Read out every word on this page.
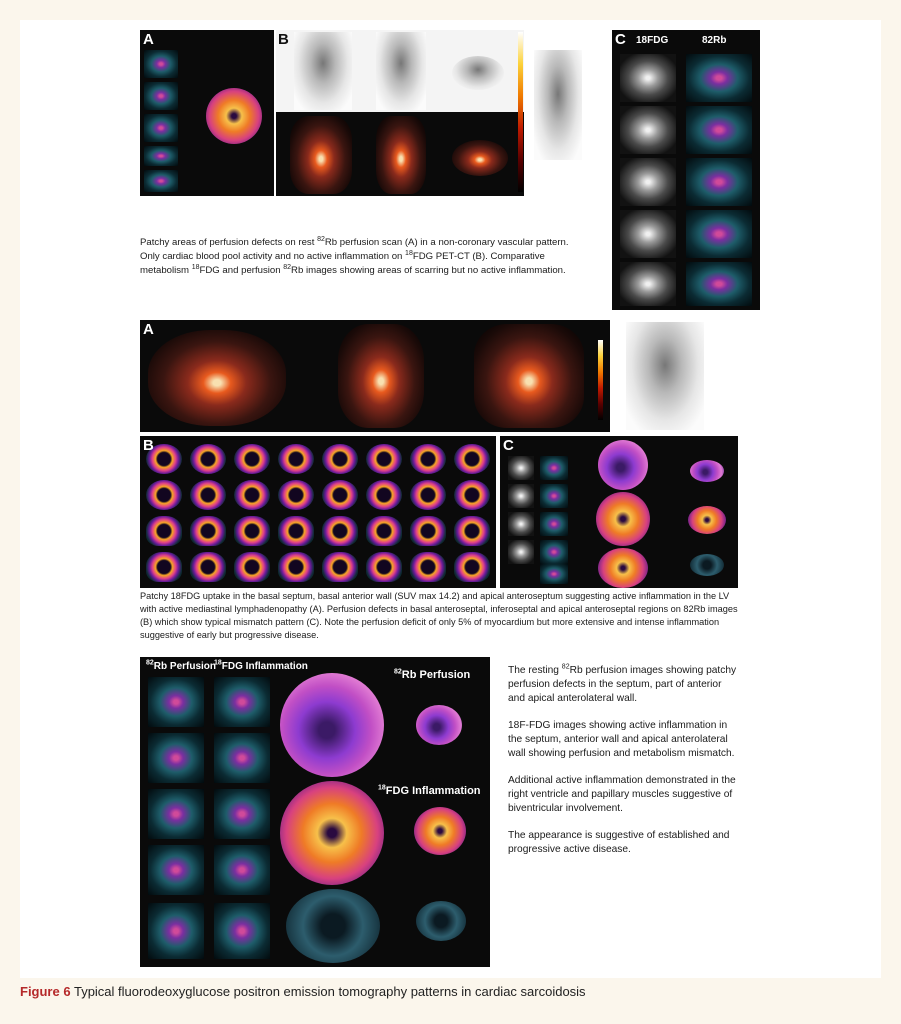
A	B	C 18FDG	82Rb
Patchy areas of perfusion defects on rest $^{82}$Rb perfusion scan (A) in a non-coronary vascular pattern. Only cardiac blood pool activity and no active inflammation on $^{18}$FDG PET-CT (B). Comparative metabolism $^{18}$FDG and perfusion $^{82}$Rb images showing areas of scarring but no active inflammation.
A
B	C
Patchy 18FDG uptake in the basal septum, basal anterior wall (SUV max 14.2) and apical anteroseptum suggesting active inflammation in the LV with active mediastinal lymphadenopathy (A). Perfusion defects in basal anteroseptal, inferoseptal and apical anteroseptal regions on 82Rb images (B) which show typical mismatch pattern (C). Note the perfusion deficit of only 5% of myocardium but more extensive and intense inflammation suggestive of early but progressive disease.
$^{82}$Rb Perfusion
$^{18}$FDG Inflammation	$^{82}$Rb Perfusion
$^{18}$FDG Inflammation

The resting $^{82}$Rb perfusion images showing patchy perfusion defects in the septum, part of anterior and apical anterolateral wall.

18F-FDG images showing active inflammation in the septum, anterior wall and apical anterolateral wall showing perfusion and metabolism mismatch.

Additional active inflammation demonstrated in the right ventricle and papillary muscles suggestive of biventricular involvement.

The appearance is suggestive of established and progressive active disease.

Figure 6 Typical fluorodeoxyglucose positron emission tomography patterns in cardiac sarcoidosis
